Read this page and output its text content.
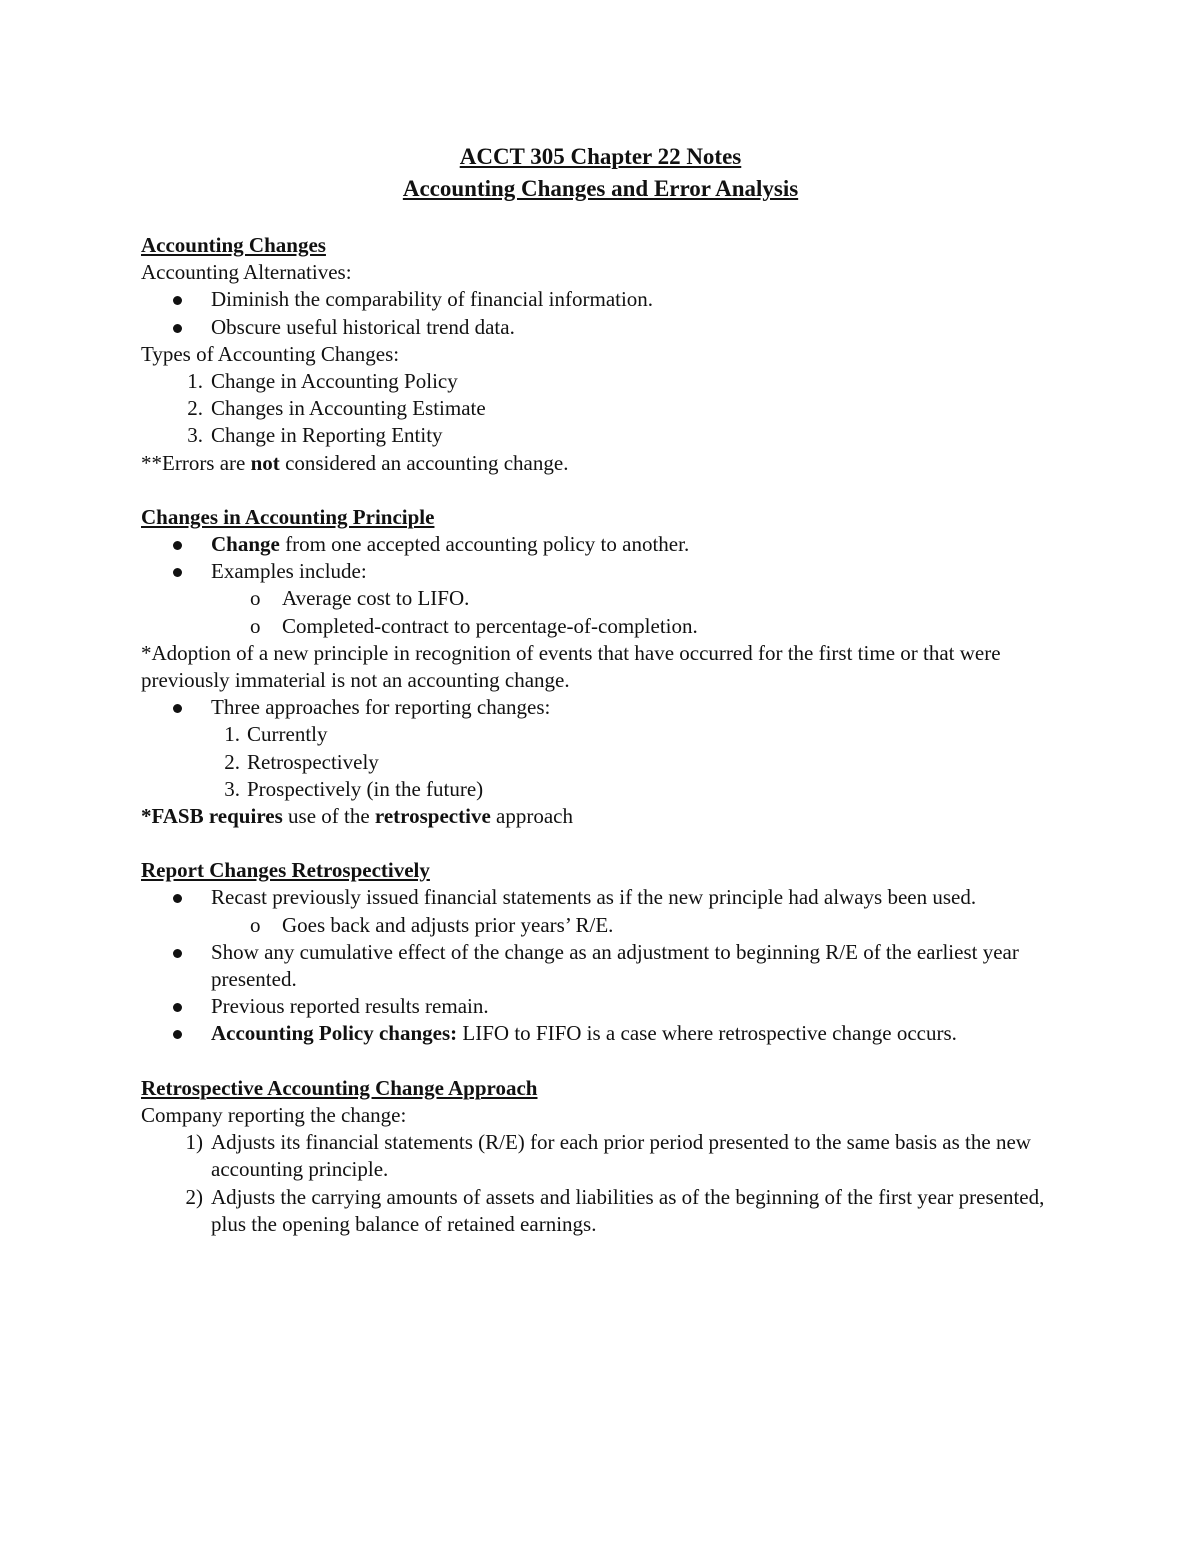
ACCT 305 Chapter 22 Notes
Accounting Changes and Error Analysis
Accounting Changes
Accounting Alternatives:
Diminish the comparability of financial information.
Obscure useful historical trend data.
Types of Accounting Changes:
1. Change in Accounting Policy
2. Changes in Accounting Estimate
3. Change in Reporting Entity
**Errors are not considered an accounting change.
Changes in Accounting Principle
Change from one accepted accounting policy to another.
Examples include:
o Average cost to LIFO.
o Completed-contract to percentage-of-completion.
*Adoption of a new principle in recognition of events that have occurred for the first time or that were previously immaterial is not an accounting change.
Three approaches for reporting changes:
1. Currently
2. Retrospectively
3. Prospectively (in the future)
*FASB requires use of the retrospective approach
Report Changes Retrospectively
Recast previously issued financial statements as if the new principle had always been used.
o Goes back and adjusts prior years’ R/E.
Show any cumulative effect of the change as an adjustment to beginning R/E of the earliest year presented.
Previous reported results remain.
Accounting Policy changes: LIFO to FIFO is a case where retrospective change occurs.
Retrospective Accounting Change Approach
Company reporting the change:
1) Adjusts its financial statements (R/E) for each prior period presented to the same basis as the new accounting principle.
2) Adjusts the carrying amounts of assets and liabilities as of the beginning of the first year presented, plus the opening balance of retained earnings.
